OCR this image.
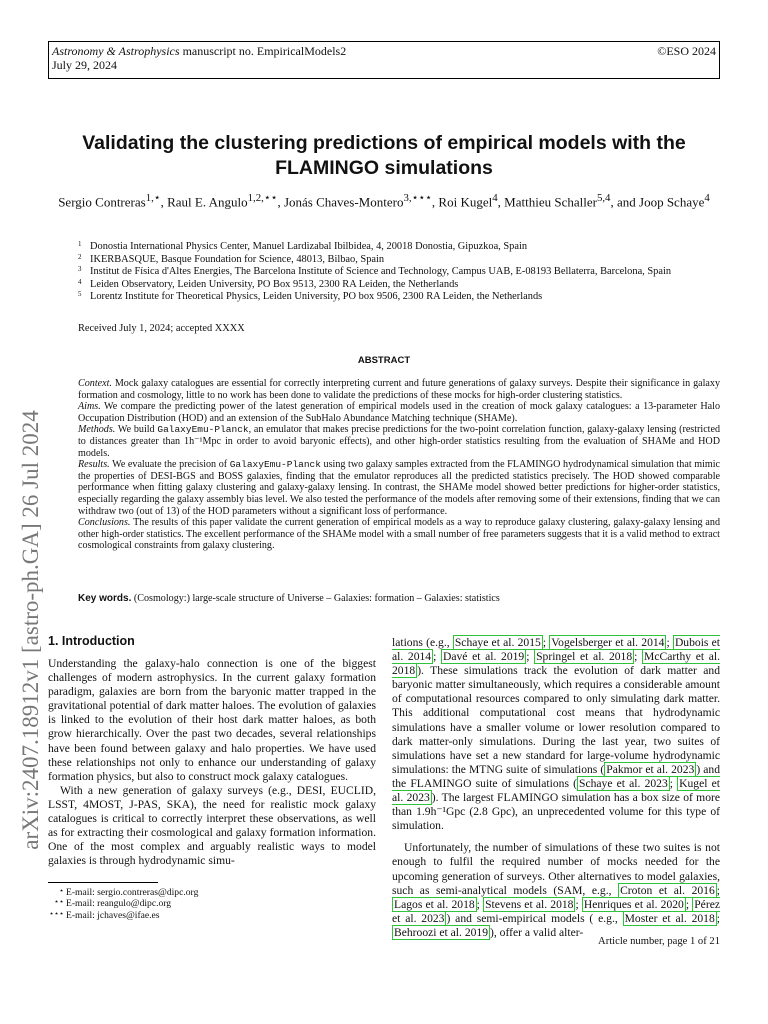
Astronomy & Astrophysics manuscript no. EmpiricalModels2
July 29, 2024
©ESO 2024
arXiv:2407.18912v1 [astro-ph.GA] 26 Jul 2024
Validating the clustering predictions of empirical models with the FLAMINGO simulations
Sergio Contreras$^{1,⋆}$, Raul E. Angulo$^{1,2,⋆⋆}$, Jonás Chaves-Montero$^{3,⋆⋆⋆}$, Roi Kugel$^4$, Matthieu Schaller$^{5,4}$, and Joop Schaye$^4$
1 Donostia International Physics Center, Manuel Lardizabal Ibilbidea, 4, 20018 Donostia, Gipuzkoa, Spain
2 IKERBASQUE, Basque Foundation for Science, 48013, Bilbao, Spain
3 Institut de Física d'Altes Energies, The Barcelona Institute of Science and Technology, Campus UAB, E-08193 Bellaterra, Barcelona, Spain
4 Leiden Observatory, Leiden University, PO Box 9513, 2300 RA Leiden, the Netherlands
5 Lorentz Institute for Theoretical Physics, Leiden University, PO box 9506, 2300 RA Leiden, the Netherlands
Received July 1, 2024; accepted XXXX
ABSTRACT

Context. Mock galaxy catalogues are essential for correctly interpreting current and future generations of galaxy surveys. Despite their significance in galaxy formation and cosmology, little to no work has been done to validate the predictions of these mocks for high-order clustering statistics.

Aims. We compare the predicting power of the latest generation of empirical models used in the creation of mock galaxy catalogues: a 13-parameter Halo Occupation Distribution (HOD) and an extension of the SubHalo Abundance Matching technique (SHAMe).

Methods. We build GalaxyEmu-Planck, an emulator that makes precise predictions for the two-point correlation function, galaxy-galaxy lensing (restricted to distances greater than 1h⁻¹Mpc in order to avoid baryonic effects), and other high-order statistics resulting from the evaluation of SHAMe and HOD models.

Results. We evaluate the precision of GalaxyEmu-Planck using two galaxy samples extracted from the FLAMINGO hydrodynamical simulation that mimic the properties of DESI-BGS and BOSS galaxies, finding that the emulator reproduces all the predicted statistics precisely. The HOD showed comparable performance when fitting galaxy clustering and galaxy-galaxy lensing. In contrast, the SHAMe model showed better predictions for higher-order statistics, especially regarding the galaxy assembly bias level. We also tested the performance of the models after removing some of their extensions, finding that we can withdraw two (out of 13) of the HOD parameters without a significant loss of performance.

Conclusions. The results of this paper validate the current generation of empirical models as a way to reproduce galaxy clustering, galaxy-galaxy lensing and other high-order statistics. The excellent performance of the SHAMe model with a small number of free parameters suggests that it is a valid method to extract cosmological constraints from galaxy clustering.

Key words. (Cosmology:) large-scale structure of Universe – Galaxies: formation – Galaxies: statistics
1. Introduction

Understanding the galaxy-halo connection is one of the biggest challenges of modern astrophysics. In the current galaxy formation paradigm, galaxies are born from the baryonic matter trapped in the gravitational potential of dark matter haloes. The evolution of galaxies is linked to the evolution of their host dark matter haloes, as both grow hierarchically. Over the past two decades, several relationships have been found between galaxy and halo properties. We have used these relationships not only to enhance our understanding of galaxy formation physics, but also to construct mock galaxy catalogues.

With a new generation of galaxy surveys (e.g., DESI, EUCLID, LSST, 4MOST, J-PAS, SKA), the need for realistic mock galaxy catalogues is critical to correctly interpret these observations, as well as for extracting their cosmological and galaxy formation information. One of the most complex and arguably realistic ways to model galaxies is through hydrodynamic simu-

lations (e.g., Schaye et al. 2015 ; Vogelsberger et al. 2014 ; Dubois et al. 2014 ; Davé et al. 2019 ; Springel et al. 2018 ; McCarthy et al. 2018 ). These simulations track the evolution of dark matter and baryonic matter simultaneously, which requires a considerable amount of computational resources compared to only simulating dark matter. This additional computational cost means that hydrodynamic simulations have a smaller volume or lower resolution compared to dark matter-only simulations. During the last year, two suites of simulations have set a new standard for large-volume hydrodynamic simulations: the MTNG suite of simulations ( Pakmor et al. 2023 ) and the FLAMINGO suite of simulations ( Schaye et al. 2023 ; Kugel et al. 2023 ). The largest FLAMINGO simulation has a box size of more than 1.9h⁻¹Gpc (2.8 Gpc), an unprecedented volume for this type of simulation.

Unfortunately, the number of simulations of these two suites is not enough to fulfil the required number of mocks needed for the upcoming generation of surveys. Other alternatives to model galaxies, such as semi-analytical models (SAM, e.g., Croton et al. 2016 ; Lagos et al. 2018 ; Stevens et al. 2018 ; Henriques et al. 2020 ; Pérez et al. 2023 ) and semi-empirical models ( e.g., Moster et al. 2018 ; Behroozi et al. 2019 ), offer a valid alter-

⋆ E-mail: sergio.contreras@dipc.org
⋆⋆ E-mail: reangulo@dipc.org
⋆⋆⋆ E-mail: jchaves@ifae.es
Article number, page 1 of 21
